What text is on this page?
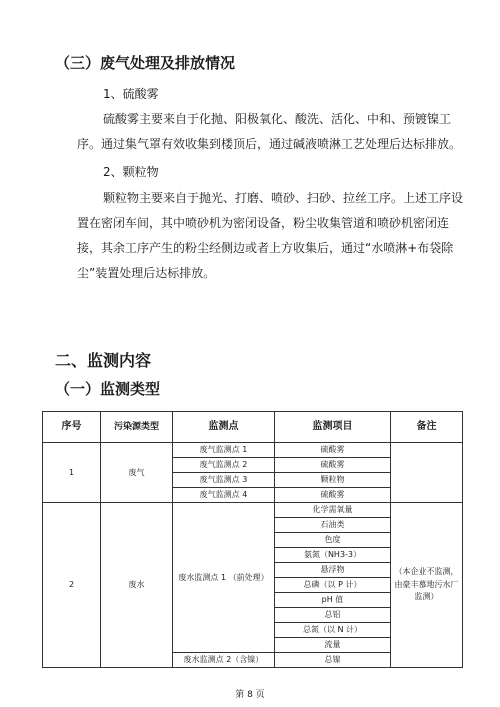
（三）废气处理及排放情况
1、硫酸雾
硫酸雾主要来自于化抛、阳极氧化、酸洗、活化、中和、预镀镍工序。通过集气罩有效收集到楼顶后，通过碱液喷淋工艺处理后达标排放。
2、颗粒物
颗粒物主要来自于抛光、打磨、喷砂、扫砂、拉丝工序。上述工序设置在密闭车间，其中喷砂机为密闭设备，粉尘收集管道和喷砂机密闭连接，其余工序产生的粉尘经侧边或者上方收集后，通过“水喷淋+布袋除尘”装置处理后达标排放。
二、监测内容
（一）监测类型
序号	污染源类型	监测点	监测项目	备注
1	废气	废气监测点 1	硫酸雾	
		废气监测点 2	硫酸雾	
		废气监测点 3	颗粒物	
		废气监测点 4	硫酸雾	
2	废水	废水监测点 1 （前处理）	化学需氧量	（本企业不监测，由豪丰慕地污水厂监测）
			石油类	
			色度	
			氨氮（NH3-3）	
			悬浮物	
			总磷（以 P 计）	
			pH 值	
			总铝	
			总氮（以 N 计）	
			流量	
		废水监测点 2（含镍）	总镍	
第 8 页
